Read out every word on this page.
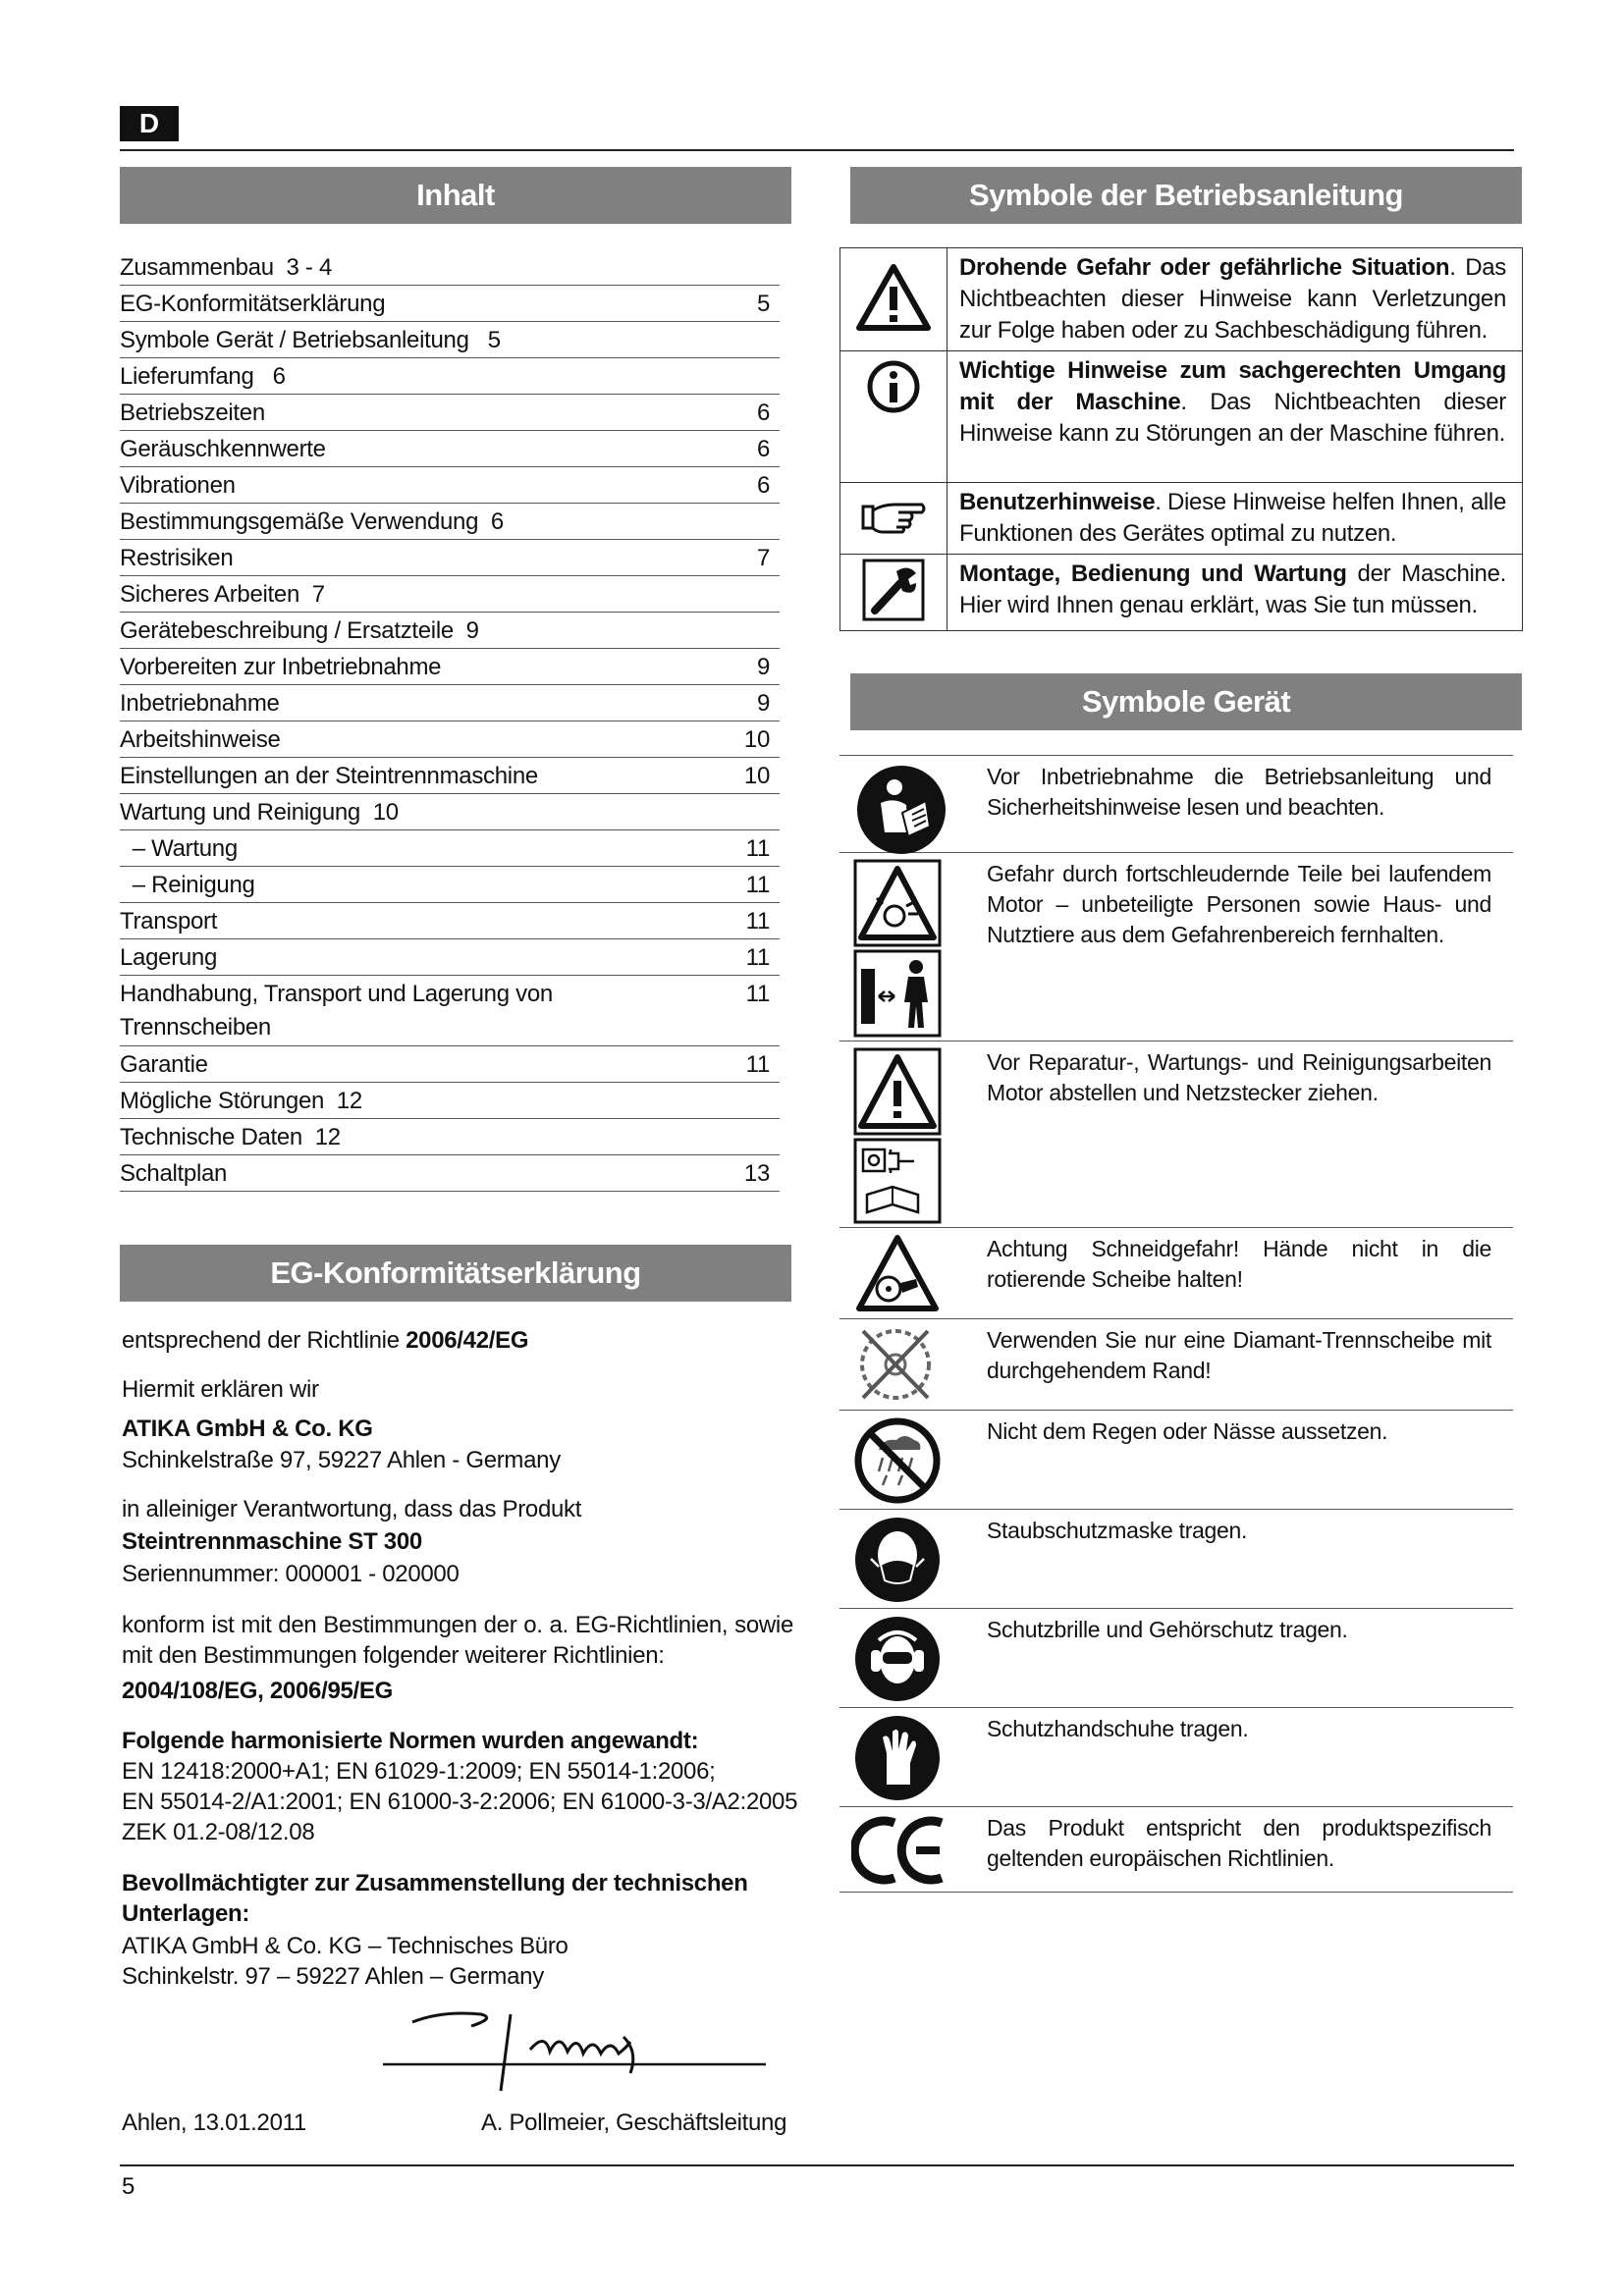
D
Inhalt
Zusammenbau  3 - 4
EG-Konformitätserklärung	5
Symbole Gerät / Betriebsanleitung   5
Lieferumfang   6
Betriebszeiten	6
Geräuschkennwerte	6
Vibrationen	6
Bestimmungsgemäße Verwendung  6
Restrisiken	7
Sicheres Arbeiten  7
Gerätebeschreibung / Ersatzteile  9
Vorbereiten zur Inbetriebnahme	9
Inbetriebnahme	9
Arbeitshinweise	10
Einstellungen an der Steintrennmaschine	10
Wartung und Reinigung  10
– Wartung	11
– Reinigung	11
Transport	11
Lagerung	11
Handhabung, Transport und Lagerung von Trennscheiben
11
Garantie	11
Mögliche Störungen  12
Technische Daten  12
Schaltplan	13
EG-Konformitätserklärung
entsprechend der Richtlinie 2006/42/EG
Hiermit erklären wir
ATIKA GmbH & Co. KG
Schinkelstraße 97, 59227 Ahlen - Germany
in alleiniger Verantwortung, dass das Produkt
Steintrennmaschine ST 300
Seriennummer: 000001 - 020000
konform ist mit den Bestimmungen der o. a. EG-Richtlinien, sowie mit den Bestimmungen folgender weiterer Richtlinien:
2004/108/EG, 2006/95/EG
Folgende harmonisierte Normen wurden angewandt:
EN 12418:2000+A1; EN 61029-1:2009; EN 55014-1:2006;
EN 55014-2/A1:2001; EN 61000-3-2:2006; EN 61000-3-3/A2:2005
ZEK 01.2-08/12.08
Bevollmächtigter zur Zusammenstellung der technischen Unterlagen:
ATIKA GmbH & Co. KG – Technisches Büro
Schinkelstr. 97 – 59227 Ahlen – Germany
Ahlen, 13.01.2011	A. Pollmeier, Geschäftsleitung
Symbole der Betriebsanleitung
	Drohende Gefahr oder gefährliche Situation. Das Nichtbeachten dieser Hinweise kann Verletzungen zur Folge haben oder zu Sachbeschädigung führen.
	Wichtige Hinweise zum sachgerechten Umgang mit der Maschine. Das Nichtbeachten dieser Hinweise kann zu Störungen an der Maschine führen.
	Benutzerhinweise. Diese Hinweise helfen Ihnen, alle Funktionen des Gerätes optimal zu nutzen.
	Montage, Bedienung und Wartung der Maschine. Hier wird Ihnen genau erklärt, was Sie tun müssen.
Symbole Gerät
Vor Inbetriebnahme die Betriebsanleitung und Sicherheitshinweise lesen und beachten.
Gefahr durch fortschleudernde Teile bei laufendem Motor – unbeteiligte Personen sowie Haus- und Nutztiere aus dem Gefahrenbereich fernhalten.
Vor Reparatur-, Wartungs- und Reinigungsarbeiten Motor abstellen und Netzstecker ziehen.
Achtung Schneidgefahr! Hände nicht in die rotierende Scheibe halten!
Verwenden Sie nur eine Diamant-Trennscheibe mit durchgehendem Rand!
Nicht dem Regen oder Nässe aussetzen.
Staubschutzmaske tragen.
Schutzbrille und Gehörschutz tragen.
Schutzhandschuhe tragen.
Das Produkt entspricht den produktspezifisch geltenden europäischen Richtlinien.
5
